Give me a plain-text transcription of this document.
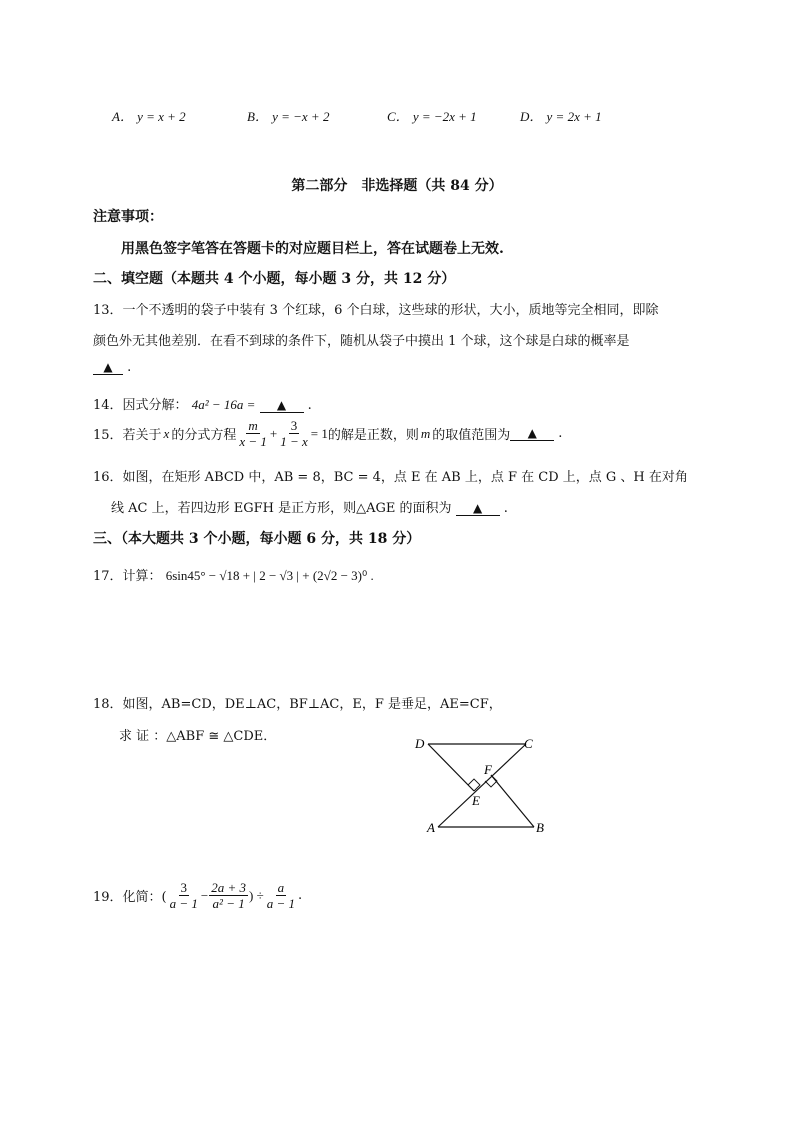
A． y = x + 2	B． y = −x + 2	C． y = −2x + 1	D． y = 2x + 1
第二部分　非选择题（共 84 分）
注意事项：
用黑色签字笔答在答题卡的对应题目栏上，答在试题卷上无效.
二、填空题（本题共 4 个小题，每小题 3 分，共 12 分）
13．一个不透明的袋子中装有 3 个红球，6 个白球，这些球的形状，大小，质地等完全相同，即除
颜色外无其他差别．在看不到球的条件下，随机从袋子中摸出 1 个球，这个球是白球的概率是
▲ .
14．因式分解： 4a² − 16a = ▲ .
15．若关于 x 的分式方程 $\frac{m}{x - 1} + \frac{3}{1 - x} = 1$ 的解是正数，则 m 的取值范围为	▲	.
16．如图，在矩形 ABCD 中，AB = 8，BC = 4，点 E 在 AB 上，点 F 在 CD 上，点 G 、H 在对角
线 AC 上，若四边形 EGFH 是正方形，则△AGE 的面积为 ▲ .
三、（本大题共 3 个小题，每小题 6 分，共 18 分）
17．计算： 6sin45° − √18 + | 2 − √3 | + (2√2 − 3)⁰ .
18．如图，AB=CD，DE⊥AC，BF⊥AC，E，F 是垂足，AE=CF，
求 证 ：△ABF ≅ △CDE．	D	C
F
E
A	B
19．化简：( $\frac{3}{a - 1} - \frac{2a + 3}{\text{a² − 1}}$ ) ÷ $\frac{a}{a - 1}$ .
